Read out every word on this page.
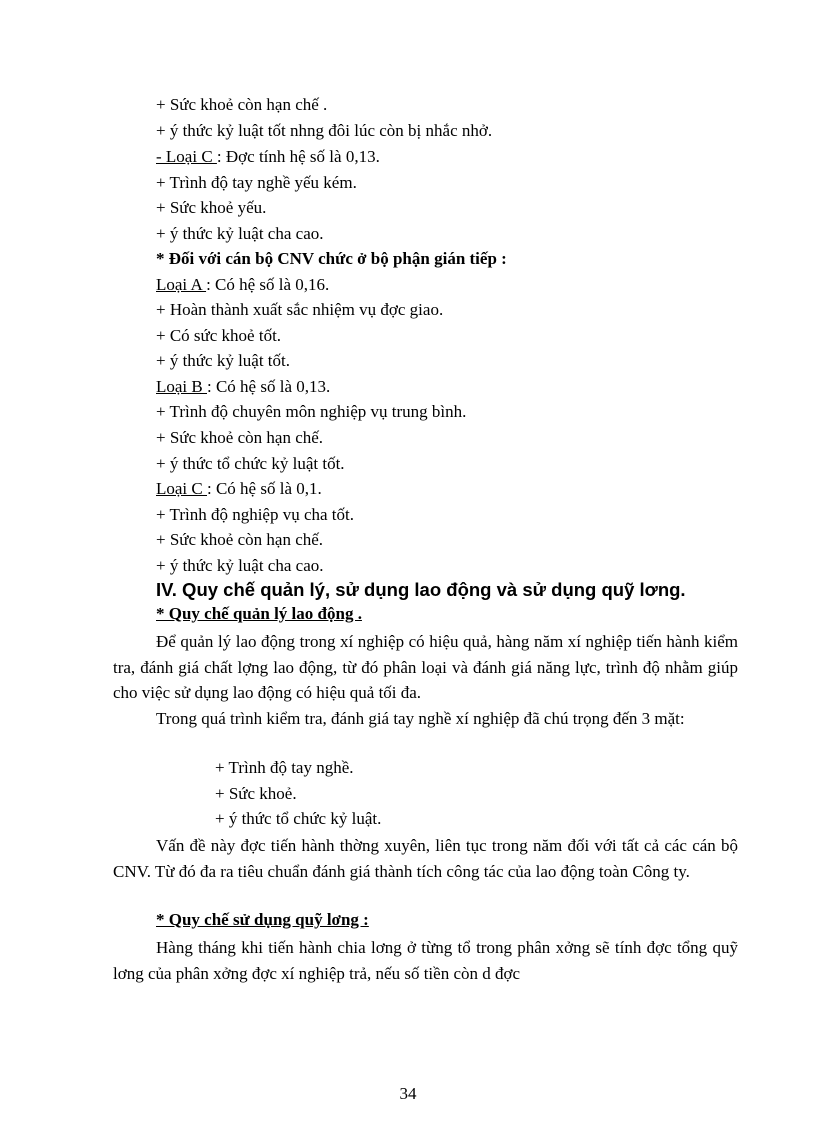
+ Sức khoẻ còn hạn chế .
+ ý thức kỷ luật tốt nhng đôi lúc còn bị nhắc nhở.
- Loại C : Đợc tính hệ số là 0,13.
+ Trình độ tay nghề yếu kém.
+ Sức khoẻ yếu.
+ ý thức kỷ luật cha cao.
* Đối với cán bộ CNV chức ở bộ phận gián tiếp :
Loại A : Có hệ số là 0,16.
+ Hoàn thành xuất sắc nhiệm vụ đợc giao.
+ Có sức khoẻ tốt.
+ ý thức kỷ luật tốt.
Loại B : Có hệ số là 0,13.
+ Trình độ chuyên môn nghiệp vụ trung bình.
+ Sức khoẻ còn hạn chế.
+ ý thức tổ chức kỷ luật tốt.
Loại C : Có hệ số là 0,1.
+ Trình độ nghiệp vụ cha tốt.
+ Sức khoẻ còn hạn chế.
+ ý thức kỷ luật cha cao.
IV. Quy chế quản lý, sử dụng lao động và sử dụng quỹ lơng.
* Quy chế quản lý lao động .
Để quản lý lao động trong xí nghiệp có hiệu quả, hàng năm xí nghiệp tiến hành kiểm tra, đánh giá chất lợng lao động, từ đó phân loại và đánh giá năng lực, trình độ nhằm giúp cho việc sử dụng lao động có hiệu quả tối đa.
Trong quá trình kiểm tra, đánh giá tay nghề xí nghiệp đã chú trọng đến 3 mặt:
+ Trình độ tay nghề.
+ Sức khoẻ.
+ ý thức tổ chức kỷ luật.
Vấn đề này đợc tiến hành thờng xuyên, liên tục trong năm đối với tất cả các cán bộ CNV. Từ đó đa ra tiêu chuẩn đánh giá thành tích công tác của lao động toàn Công ty.
* Quy chế sử dụng quỹ lơng :
Hàng tháng khi tiến hành chia lơng ở từng tổ trong phân xởng sẽ tính đợc tổng quỹ lơng của phân xởng đợc xí nghiệp trả, nếu số tiền còn d đợc
34
